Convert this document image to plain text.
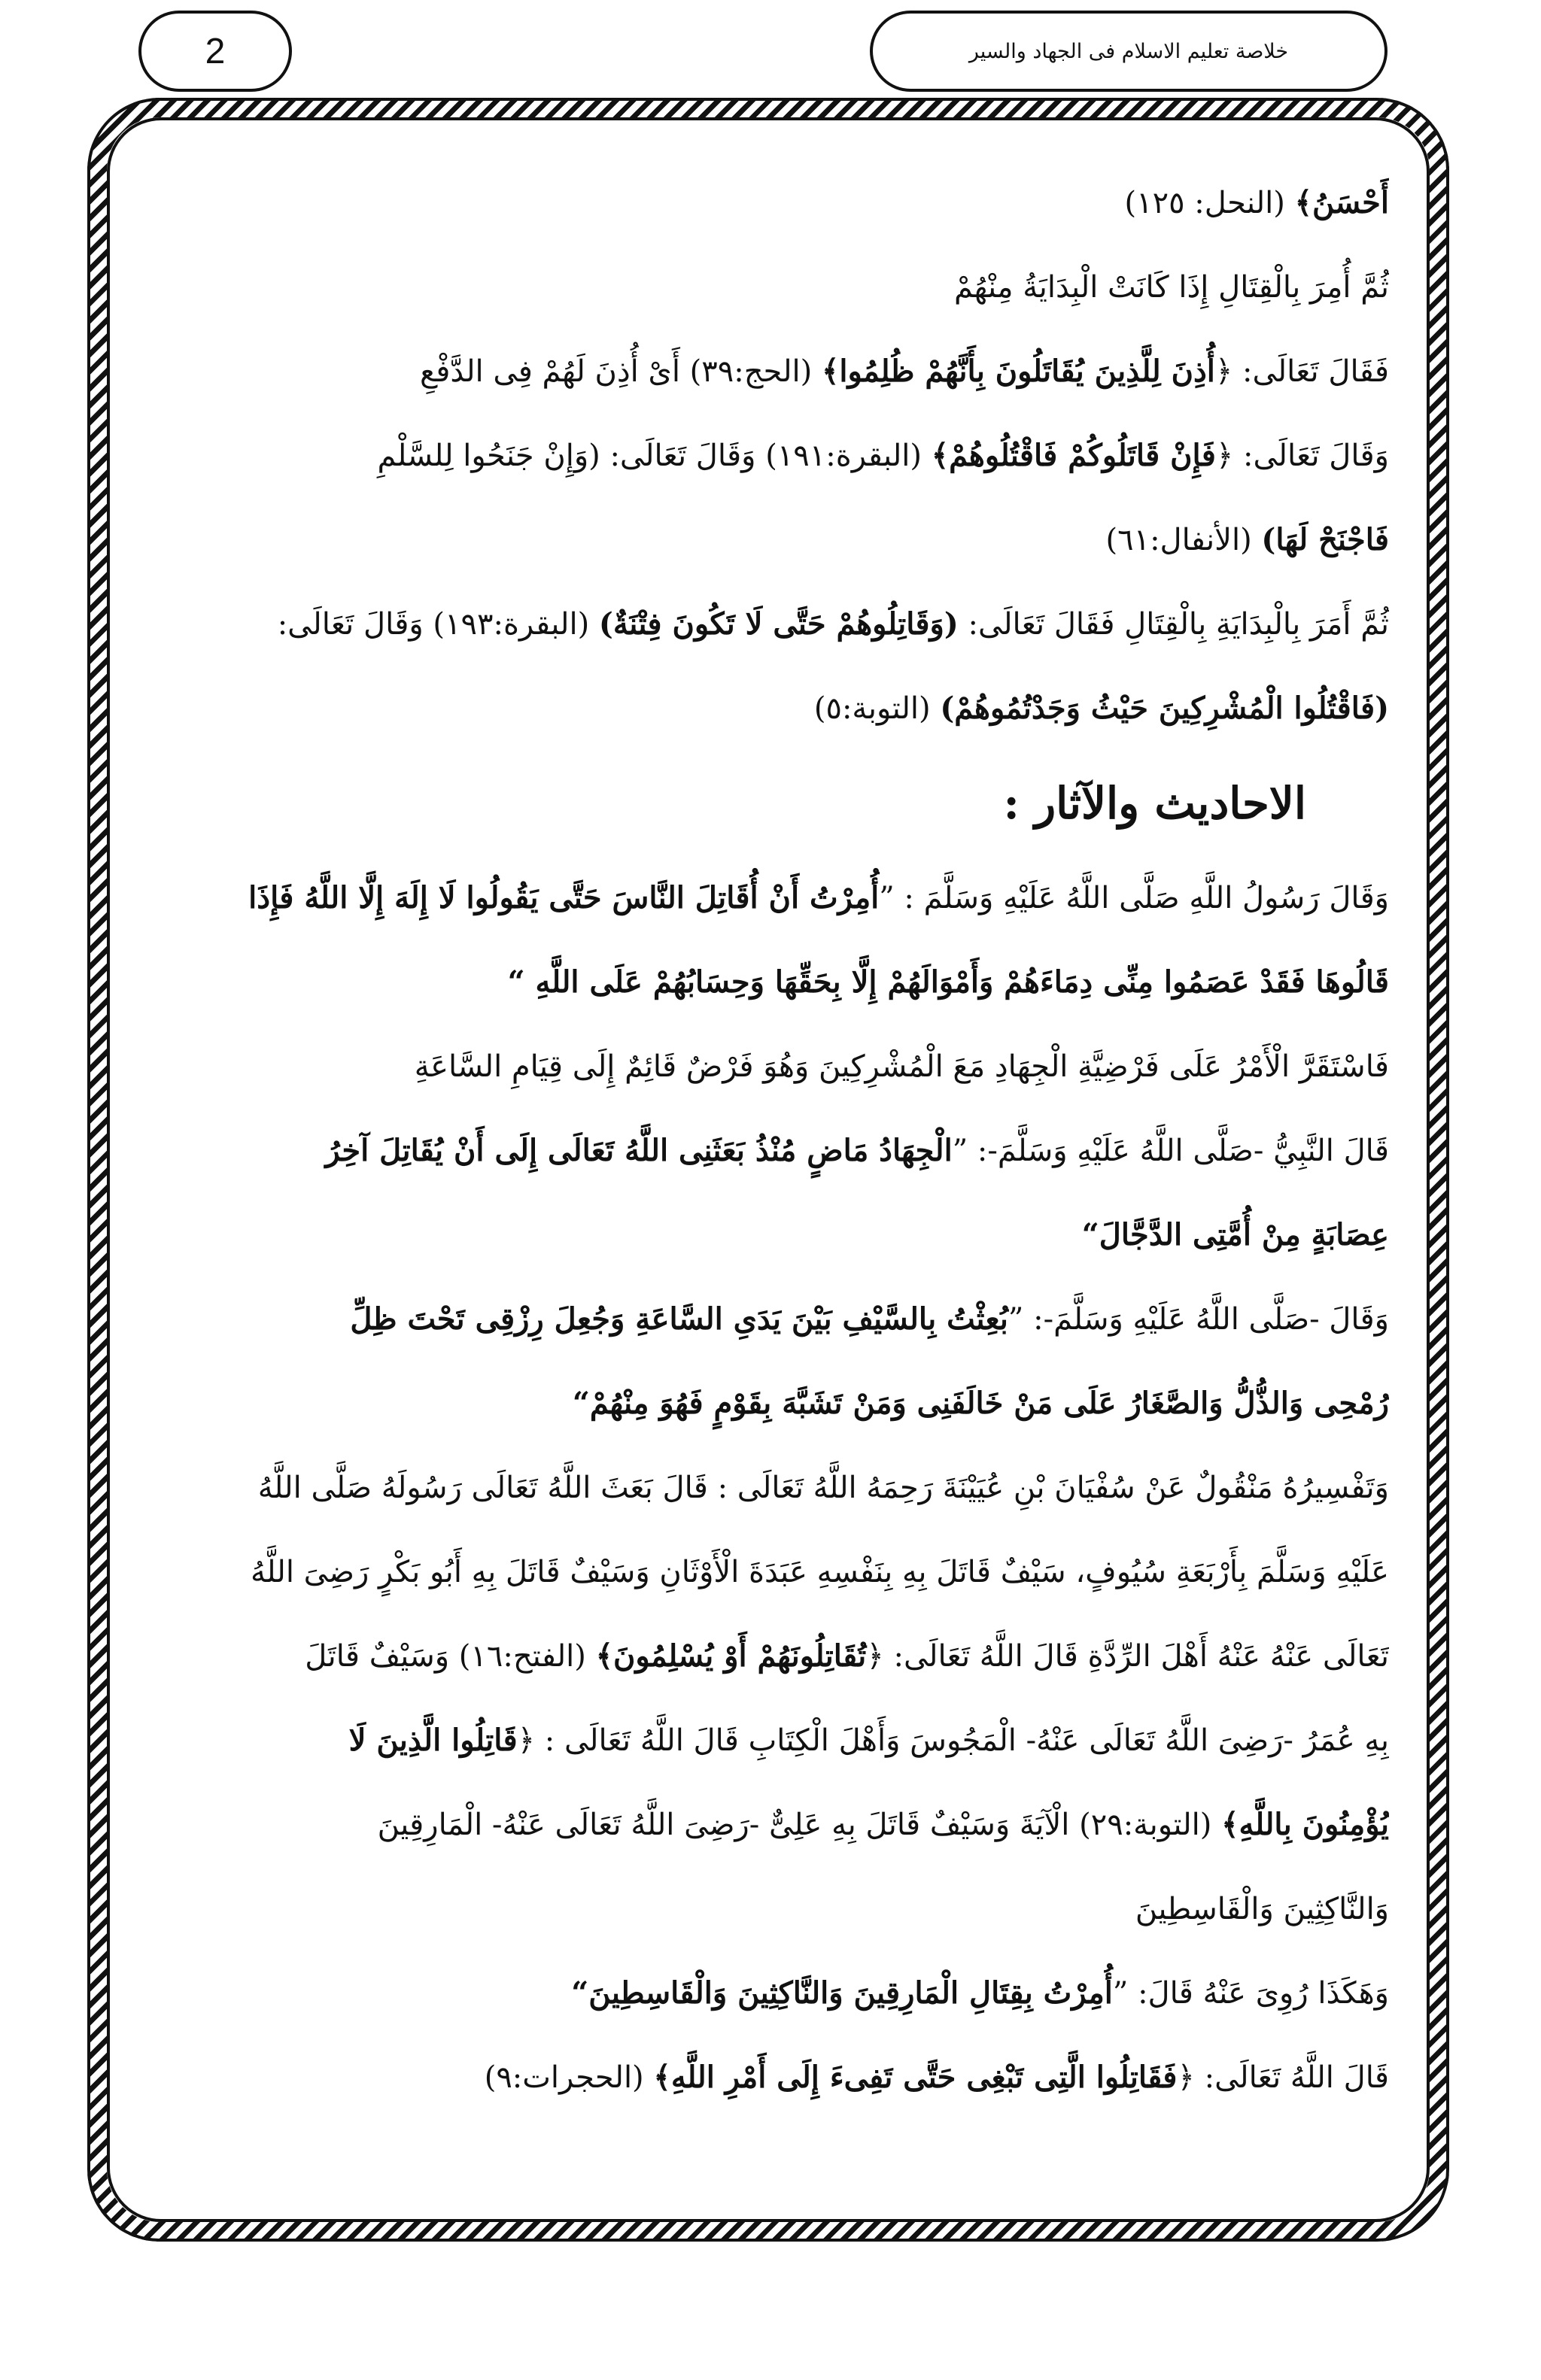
2	خلاصة تعلیم الاسلام فی الجهاد والسیر
أَحْسَنُ﴾ (النحل: ١٢٥)
ثُمَّ أُمِرَ بِالْقِتَالِ إِذَا كَانَتْ الْبِدَايَةُ مِنْهُمْ
فَقَالَ تَعَالَى: ﴿أُذِنَ لِلَّذِينَ يُقَاتَلُونَ بِأَنَّهُمْ ظُلِمُوا﴾ (الحج:٣٩) أَىْ أُذِنَ لَهُمْ فِى الدَّفْعِ
وَقَالَ تَعَالَى: ﴿فَإِنْ قَاتَلُوكُمْ فَاقْتُلُوهُمْ﴾ (البقرة:١٩١) وَقَالَ تَعَالَى: (وَإِنْ جَنَحُوا لِلسَّلْمِ
فَاجْنَحْ لَهَا) (الأنفال:٦١)
ثُمَّ أَمَرَ بِالْبِدَايَةِ بِالْقِتَالِ فَقَالَ تَعَالَى: (وَقَاتِلُوهُمْ حَتَّى لَا تَكُونَ فِتْنَةٌ) (البقرة:١٩٣) وَقَالَ تَعَالَى:
(فَاقْتُلُوا الْمُشْرِكِينَ حَيْثُ وَجَدْتُمُوهُمْ) (التوبة:٥)
الاحاديث والآثار :
وَقَالَ رَسُولُ اللَّهِ صَلَّى اللَّهُ عَلَيْهِ وَسَلَّمَ : ”أُمِرْتُ أَنْ أُقَاتِلَ النَّاسَ حَتَّى يَقُولُوا لَا إِلَهَ إِلَّا اللَّهُ فَإِذَا
قَالُوهَا فَقَدْ عَصَمُوا مِنِّى دِمَاءَهُمْ وَأَمْوَالَهُمْ إِلَّا بِحَقِّهَا وَحِسَابُهُمْ عَلَى اللَّهِ “
فَاسْتَقَرَّ الْأَمْرُ عَلَى فَرْضِيَّةِ الْجِهَادِ مَعَ الْمُشْرِكِينَ وَهُوَ فَرْضٌ قَائِمٌ إِلَى قِيَامِ السَّاعَةِ
قَالَ النَّبِيُّ -صَلَّى اللَّهُ عَلَيْهِ وَسَلَّمَ-: ”الْجِهَادُ مَاضٍ مُنْذُ بَعَثَنِى اللَّهُ تَعَالَى إِلَى أَنْ يُقَاتِلَ آخِرُ
عِصَابَةٍ مِنْ أُمَّتِى الدَّجَّالَ“
وَقَالَ -صَلَّى اللَّهُ عَلَيْهِ وَسَلَّمَ-: ”بُعِثْتُ بِالسَّيْفِ بَيْنَ يَدَىِ السَّاعَةِ وَجُعِلَ رِزْقِى تَحْتَ ظِلِّ
رُمْحِى وَالذُّلُّ وَالصَّغَارُ عَلَى مَنْ خَالَفَنِى وَمَنْ تَشَبَّهَ بِقَوْمٍ فَهُوَ مِنْهُمْ“
وَتَفْسِيرُهُ مَنْقُولٌ عَنْ سُفْيَانَ بْنِ عُيَيْنَةَ رَحِمَهُ اللَّهُ تَعَالَى : قَالَ بَعَثَ اللَّهُ تَعَالَى رَسُولَهُ صَلَّى اللَّهُ
عَلَيْهِ وَسَلَّمَ بِأَرْبَعَةِ سُيُوفٍ، سَيْفٌ قَاتَلَ بِهِ بِنَفْسِهِ عَبَدَةَ الْأَوْثَانِ وَسَيْفٌ قَاتَلَ بِهِ أَبُو بَكْرٍ رَضِىَ اللَّهُ
تَعَالَى عَنْهُ عَنْهُ أَهْلَ الرِّدَّةِ قَالَ اللَّهُ تَعَالَى: ﴿تُقَاتِلُونَهُمْ أَوْ يُسْلِمُونَ﴾ (الفتح:١٦) وَسَيْفٌ قَاتَلَ
بِهِ عُمَرُ -رَضِىَ اللَّهُ تَعَالَى عَنْهُ- الْمَجُوسَ وَأَهْلَ الْكِتَابِ قَالَ اللَّهُ تَعَالَى : ﴿قَاتِلُوا الَّذِينَ لَا
يُؤْمِنُونَ بِاللَّهِ﴾ (التوبة:٢٩) الْآيَةَ وَسَيْفٌ قَاتَلَ بِهِ عَلِىٌّ -رَضِىَ اللَّهُ تَعَالَى عَنْهُ- الْمَارِقِينَ
وَالنَّاكِثِينَ وَالْقَاسِطِينَ
وَهَكَذَا رُوِىَ عَنْهُ قَالَ: ”أُمِرْتُ بِقِتَالِ الْمَارِقِينَ وَالنَّاكِثِينَ وَالْقَاسِطِينَ“
قَالَ اللَّهُ تَعَالَى: ﴿فَقَاتِلُوا الَّتِى تَبْغِى حَتَّى تَفِىءَ إِلَى أَمْرِ اللَّهِ﴾ (الحجرات:٩)
